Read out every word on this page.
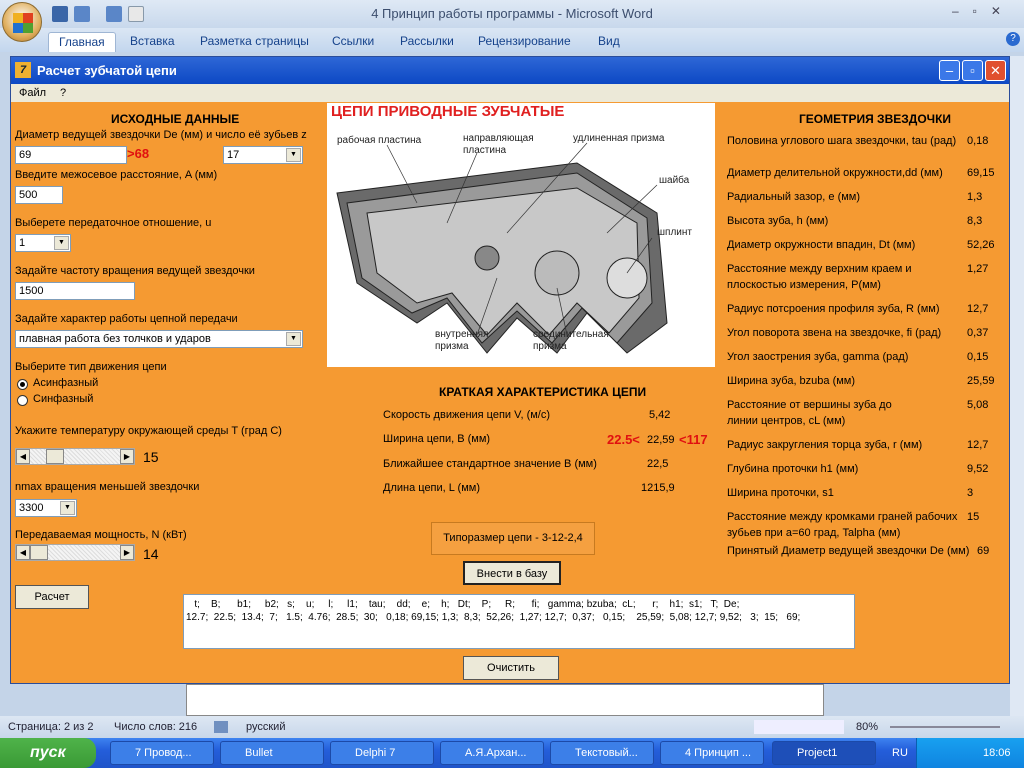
4 Принцип работы программы - Microsoft Word	–▫✕
Главная	Вставка	Разметка страницы	Ссылки	Рассылки	Рецензирование	Вид	?
Расчет зубчатой цепи
7	–	▫	✕
Файл ?
ИСХОДНЫЕ ДАННЫЕ
Диаметр ведущей звездочки De (мм) и число её зубьев z
69	>68	17	▼
Введите межосевое расстояние, A (мм)
500
Выберете передаточное отношение, u
1	▼
Задайте частоту вращения ведущей звездочки
1500
Задайте характер работы цепной передачи
плавная работа без толчков и ударов	▼
Выберите тип движения цепи
Асинфазный
Синфазный
Укажите температуру окружающей среды T (град C)
◀	▶ 15
nmax вращения меньшей звездочки
3300	▼
Передаваемая мощность, N (кВт)
◀	▶ 14
Расчет
ЦЕПИ ПРИВОДНЫЕ ЗУБЧАТЫЕ
рабочая пластина	направляющая
пластина
удлиненная призма
шайба
шплинт
внутренняя
призма
соединительная
призма
КРАТКАЯ ХАРАКТЕРИСТИКА ЦЕПИ
Скорость движения цепи V, (м/с)	5,42
Ширина цепи, B (мм)	22.5< 22,59 <117
Ближайшее стандартное значение B (мм)	22,5
Длина цепи, L (мм)	1215,9
Типоразмер цепи - 3-12-2,4
Внести в базу
ГЕОМЕТРИЯ ЗВЕЗДОЧКИ
Половина углового шага звездочки, tau (рад) 0,18
Диаметр делительной окружности,dd (мм) 69,15
Радиальный зазор, e (мм)	1,3
Высота зуба, h (мм)	8,3
Диаметр окружности впадин, Dt (мм)	52,26
Расстояние между верхним краем и
плоскостью измерения, P(мм)
1,27
Радиус потсроения профиля зуба, R (мм) 12,7
Угол поворота звена на звездочке, fi (рад) 0,37
Угол заострения зуба, gamma (рад)	0,15
Ширина зуба, bzuba (мм)	25,59
Расстояние от вершины зуба до
линии центров, cL (мм)
5,08
Радиус закругления торца зуба, r (мм)	12,7
Глубина проточки h1 (мм)	9,52
Ширина проточки, s1	3
Расстояние между кромками граней рабочих
зубьев при a=60 град, Talpha (мм)
15
Принятый Диаметр ведущей звездочки De (мм) 69
t;    B;      b1;     b2;   s;    u;     l;     l1;    tau;    dd;    e;    h;   Dt;    P;     R;      fi;   gamma; bzuba;  cL;      r;    h1;  s1;   T;  De;
12.7;  22.5;  13.4;  7;   1.5;  4.76;  28.5;  30;   0,18; 69,15; 1,3;  8,3;  52,26;  1,27; 12,7;  0,37;   0,15;    25,59;  5,08; 12,7; 9,52;   3;  15;   69;
Очистить
Страница: 2 из 2 Число слов: 216	русский	80%
пуск	7 Провод...	Bullet	Delphi 7	А.Я.Архан...	Текстовый...	4 Принцип ...	Project1	RU	18:06
